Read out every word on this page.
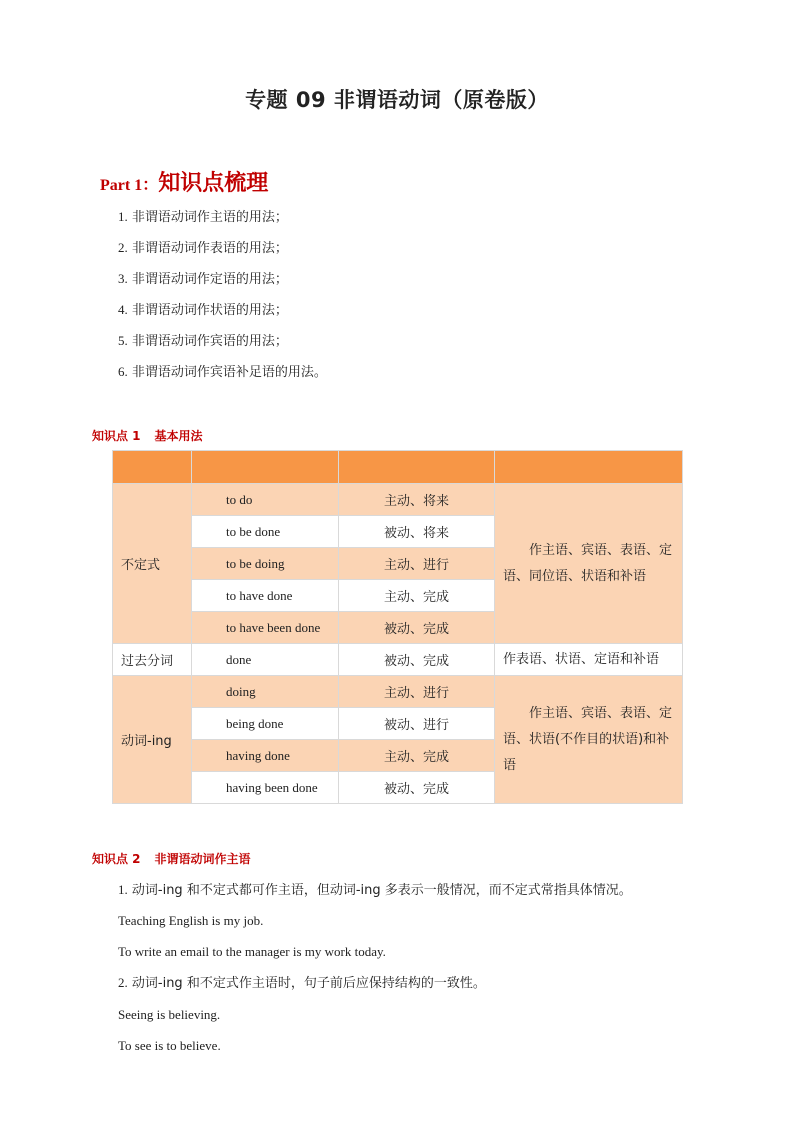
专题 09 非谓语动词（原卷版）
Part 1：知识点梳理
1. 非谓语动词作主语的用法；
2. 非谓语动词作表语的用法；
3. 非谓语动词作定语的用法；
4. 非谓语动词作状语的用法；
5. 非谓语动词作宾语的用法；
6. 非谓语动词作宾语补足语的用法。
知识点 1 基本用法

不定式	to do	主动、将来	作主语、宾语、表语、定语、同位语、状语和补语
	to be done	被动、将来	
	to be doing	主动、进行	
	to have done	主动、完成	
	to have been done	被动、完成	
过去分词	done	被动、完成	作表语、状语、定语和补语
动词-ing	doing	主动、进行	作主语、宾语、表语、定语、状语(不作目的状语)和补语
	being done	被动、进行	
	having done	主动、完成	
	having been done	被动、完成	
知识点 2 非谓语动词作主语

1. 动词-ing 和不定式都可作主语，但动词-ing 多表示一般情况，而不定式常指具体情况。

Teaching English is my job.

To write an email to the manager is my work today.

2. 动词-ing 和不定式作主语时，句子前后应保持结构的一致性。

Seeing is believing.

To see is to believe.
